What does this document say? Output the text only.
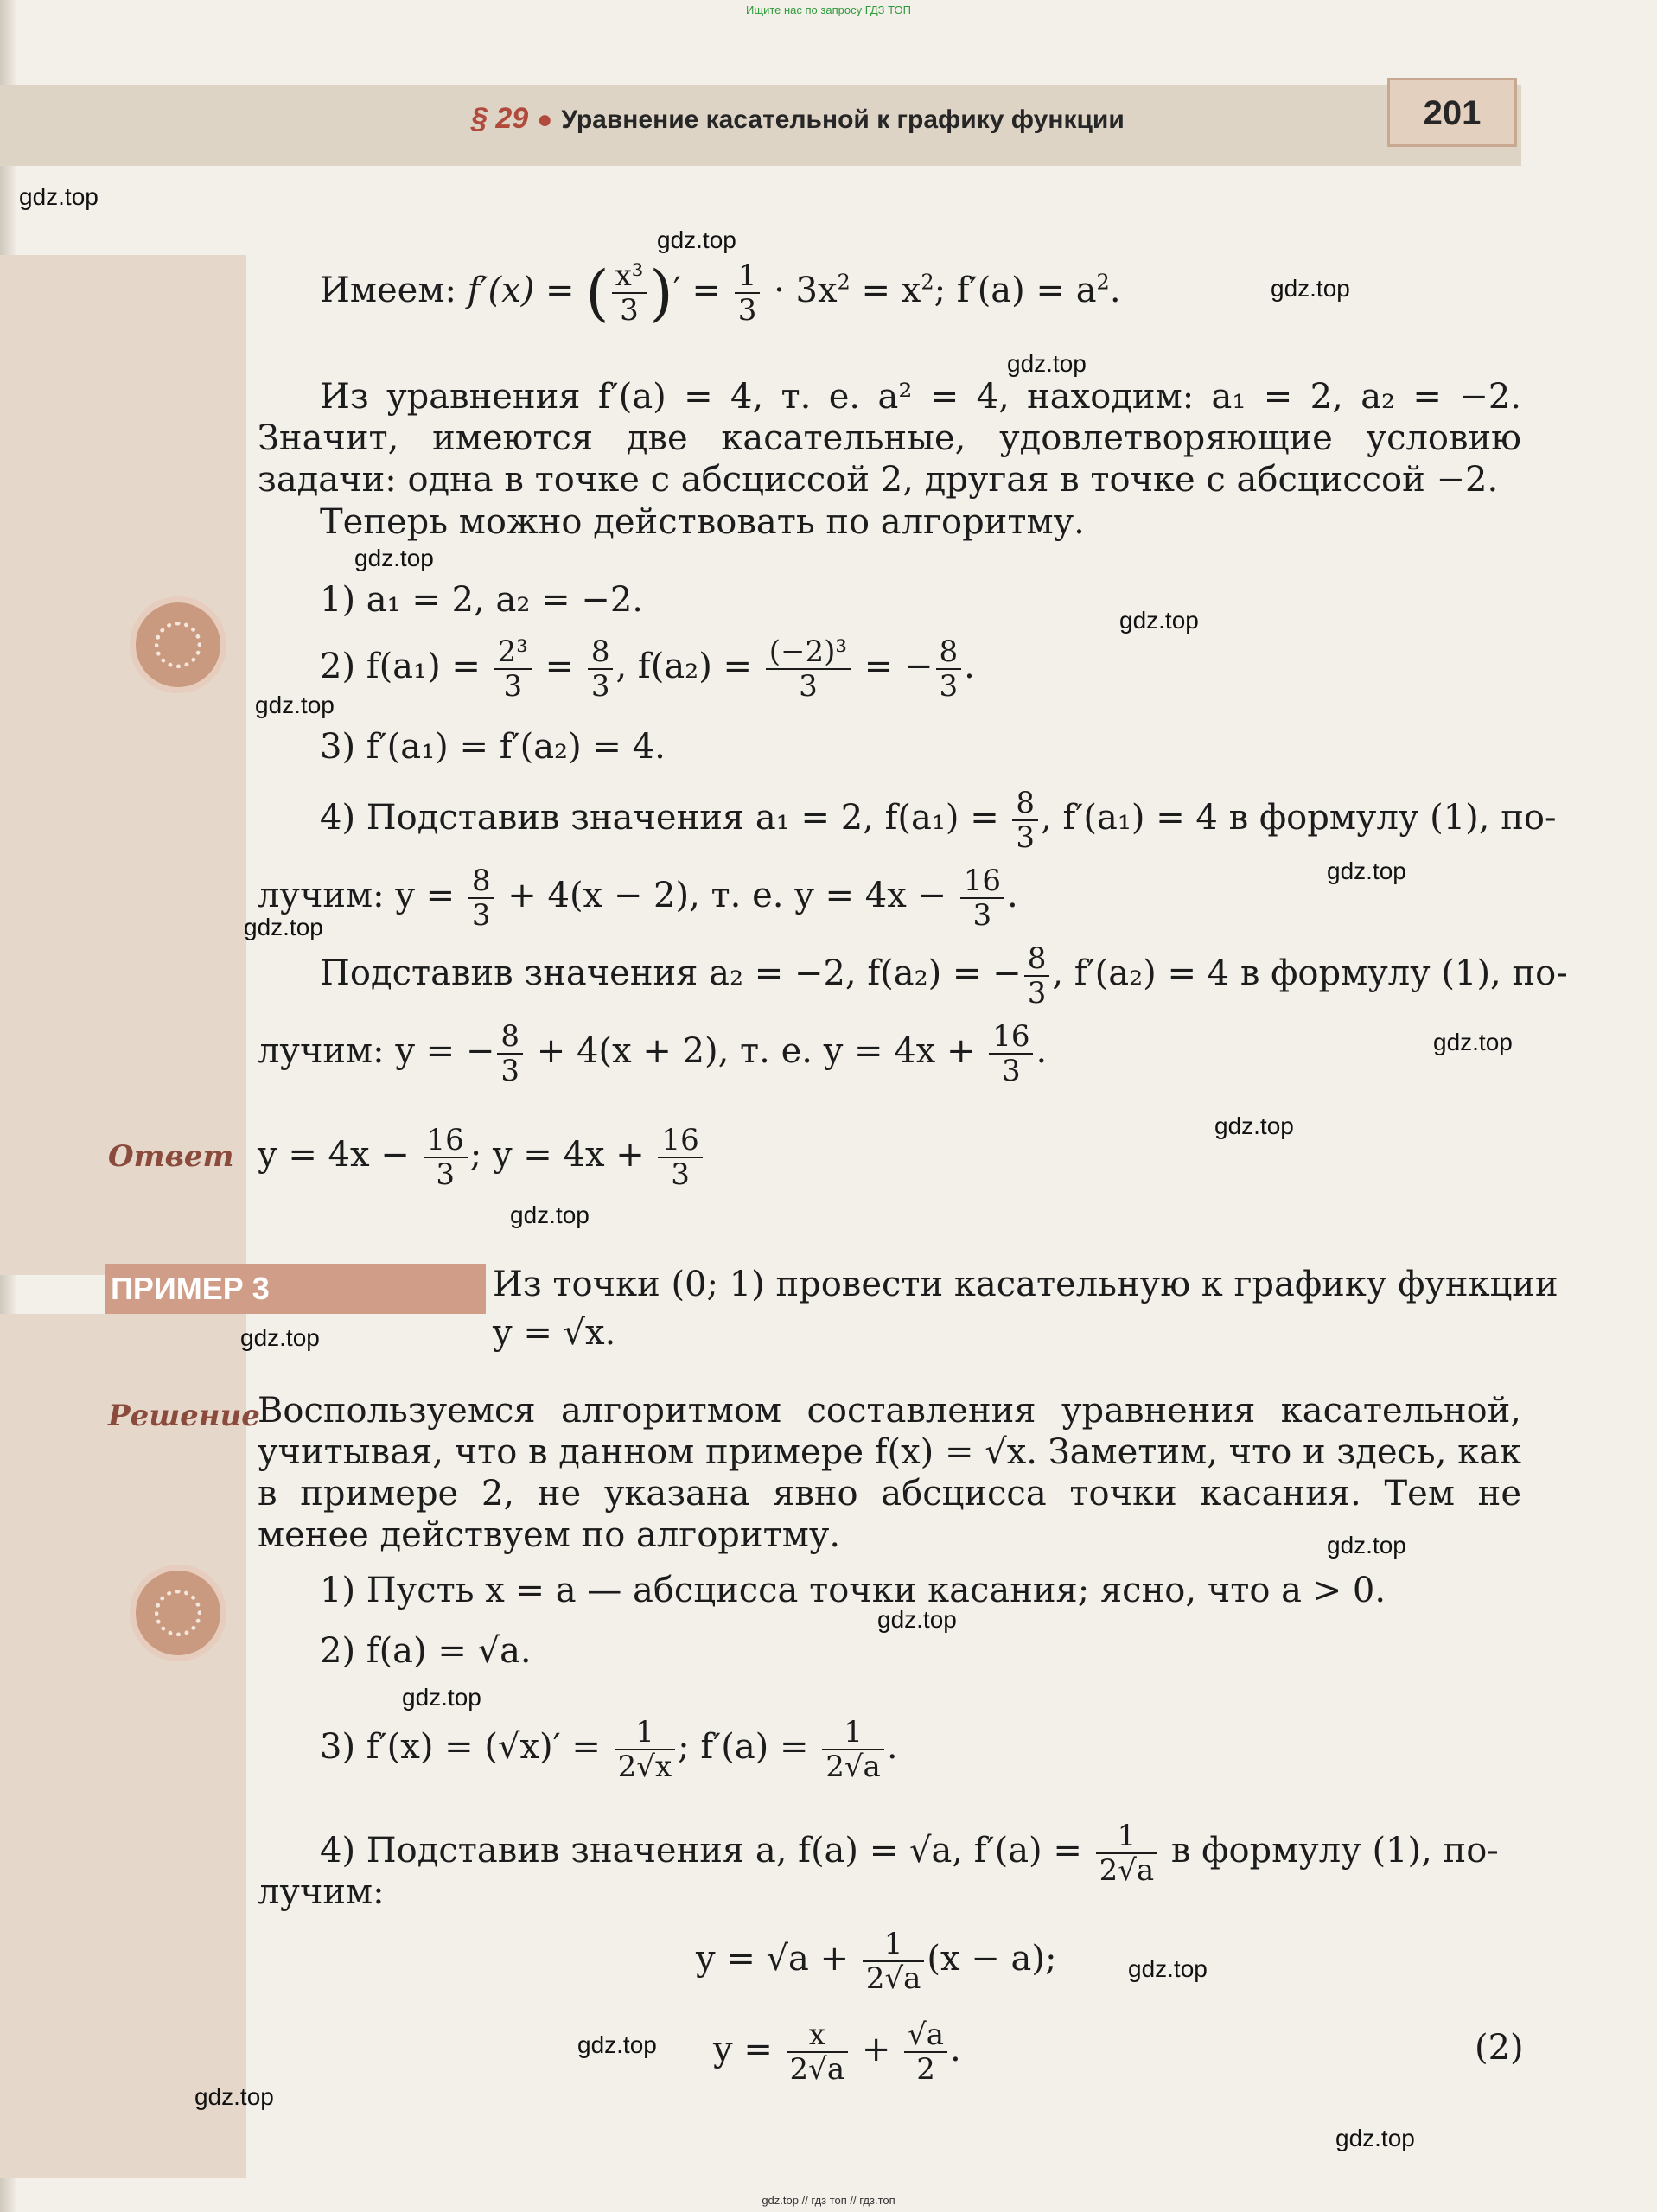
Ищите нас по запросу ГДЗ ТОП
§ 29 ● Уравнение касательной к графику функции	201
Имеем: f′(x) = ( $\frac{\text{x³}}{3}$ )′ = $\frac{1}{3} \cdot 3x^2 = x^2$; $f'(a) = a^2$.
Из уравнения f′(a) = 4, т. е. a² = 4, находим: a₁ = 2, a₂ = −2. Значит, имеются две касательные, удовлетворяющие условию задачи: одна в точке с абсциссой 2, другая в точке с абсциссой −2.
Теперь можно действовать по алгоритму.
1) a₁ = 2, a₂ = −2.
2) $f(a_1) = \frac{\text{2³}}{3} = \frac{8}{3}$ , $f(a_2) = \frac{\text{(−2)³}}{3}$ = − $\frac{8}{3}$ .
3) f′(a₁) = f′(a₂) = 4.
4) Подставив значения a₁ = 2, $f(a_1) = \frac{8}{3}$ , f′(a₁) = 4 в формулу (1), по-
лучим: $y = \frac{8}{3} + 4(x - 2)$, т. е. $y = 4x - \frac{16}{3}$ .
Подставив значения a₂ = −2, f(a₂) = − $\frac{8}{3}$ , f′(a₂) = 4 в формулу (1), по-
лучим: y = − $\frac{8}{3} + 4(x + 2)$, т. е. $y = 4x + \frac{16}{3}$ .
Ответ $y = 4x - \frac{16}{3}$ ; $y = 4x + \frac{16}{3}$
ПРИМЕР 3	Из точки (0; 1) провести касательную к графику функции
y = √x.
Решение
Воспользуемся алгоритмом составления уравнения касательной, учитывая, что в данном примере f(x) = √x. Заметим, что и здесь, как в примере 2, не указана явно абсцисса точки касания. Тем не менее действуем по алгоритму.
1) Пусть x = a — абсцисса точки касания; ясно, что a > 0.
2) f(a) = √a.
3) $f'(x) = (√x)' = \frac{1}{2√x}$ ; $f'(a) = \frac{1}{2√a}$ .
4) Подставив значения a, f(a) = √a, $f'(a) = \frac{1}{2√a}$ в формулу (1), по-
лучим:
$y = √a + \frac{1}{2√a} (x - a)$;
$y = \frac{x}{2√a} + \frac{√a}{2}$ .	(2)
gdz.top
gdz.top
gdz.top
gdz.top
gdz.top
gdz.top
gdz.top
gdz.top
gdz.top
gdz.top
gdz.top
gdz.top
gdz.top
gdz.top
gdz.top
gdz.top
gdz.top
gdz.top
gdz.top
gdz.top
gdz.top // гдз топ // гдз.топ
